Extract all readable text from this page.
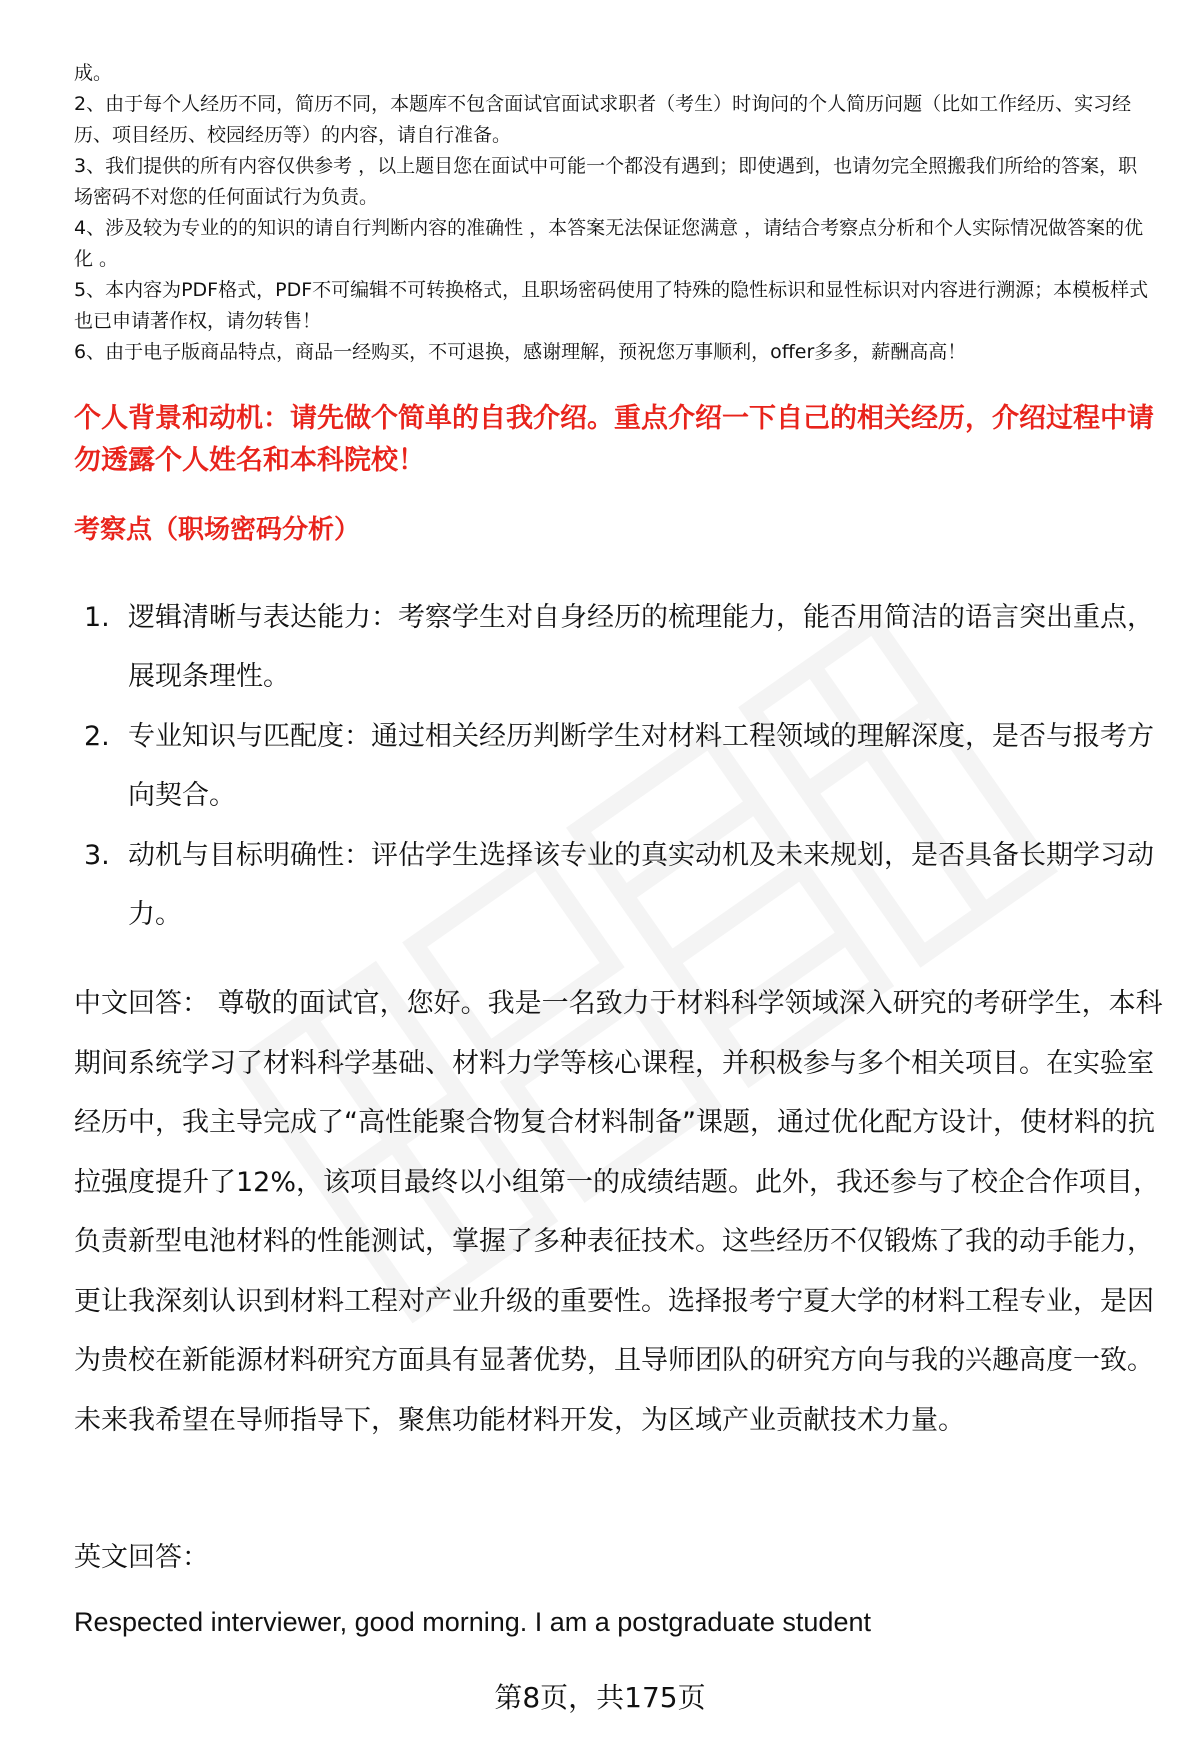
成。

2、由于每个人经历不同，简历不同，本题库不包含面试官面试求职者（考生）时询问的个人简历问题（比如工作经历、实习经历、项目经历、校园经历等）的内容，请自行准备。

3、我们提供的所有内容仅供参考 ，以上题目您在面试中可能一个都没有遇到；即使遇到，也请勿完全照搬我们所给的答案，职场密码不对您的任何面试行为负责。

4、涉及较为专业的的知识的请自行判断内容的准确性 ，本答案无法保证您满意 ，请结合考察点分析和个人实际情况做答案的优化 。

5、本内容为PDF格式，PDF不可编辑不可转换格式，且职场密码使用了特殊的隐性标识和显性标识对内容进行溯源；本模板样式也已申请著作权，请勿转售！

6、由于电子版商品特点，商品一经购买，不可退换，感谢理解，预祝您万事顺利，offer多多，薪酬高高！

个人背景和动机：请先做个简单的自我介绍。重点介绍一下自己的相关经历，介绍过程中请勿透露个人姓名和本科院校！
考察点（职场密码分析）
1. 逻辑清晰与表达能力：考察学生对自身经历的梳理能力，能否用简洁的语言突出重点，展现条理性。
2. 专业知识与匹配度：通过相关经历判断学生对材料工程领域的理解深度，是否与报考方向契合。
3. 动机与目标明确性：评估学生选择该专业的真实动机及未来规划，是否具备长期学习动力。

中文回答： 尊敬的面试官，您好。我是一名致力于材料科学领域深入研究的考研学生，本科期间系统学习了材料科学基础、材料力学等核心课程，并积极参与多个相关项目。在实验室经历中，我主导完成了“高性能聚合物复合材料制备”课题，通过优化配方设计，使材料的抗拉强度提升了12%，该项目最终以小组第一的成绩结题。此外，我还参与了校企合作项目，负责新型电池材料的性能测试，掌握了多种表征技术。这些经历不仅锻炼了我的动手能力，更让我深刻认识到材料工程对产业升级的重要性。选择报考宁夏大学的材料工程专业，是因为贵校在新能源材料研究方面具有显著优势，且导师团队的研究方向与我的兴趣高度一致。未来我希望在导师指导下，聚焦功能材料开发，为区域产业贡献技术力量。

英文回答：

Respected interviewer, good morning. I am a postgraduate student

第8页，共175页
